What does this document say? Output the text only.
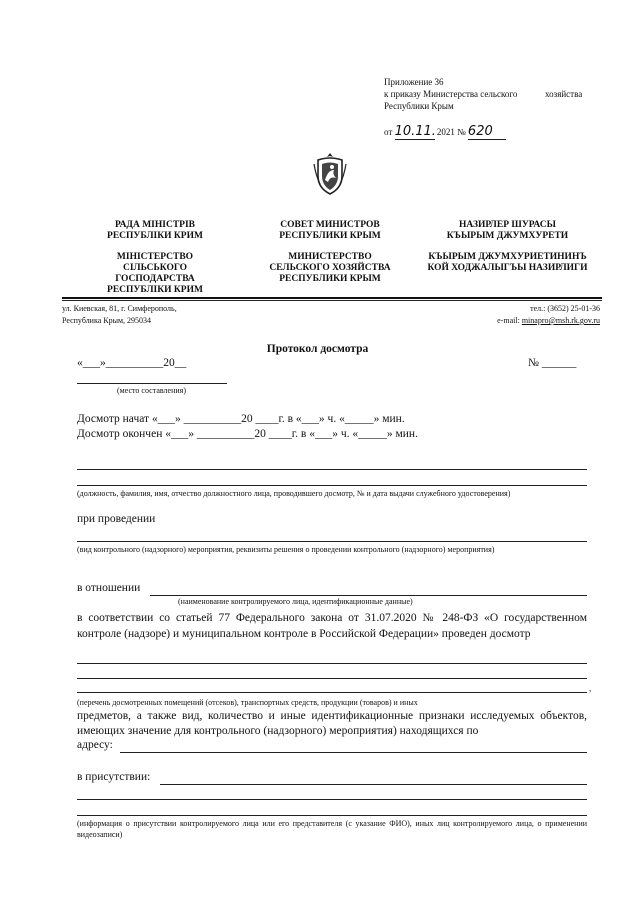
Приложение 36
к приказу Министерства сельского	хозяйства
Республики Крым
от 10.11. 2021 № 620
РАДА МІНІСТРІВ
РЕСПУБЛІКИ КРИМ
СОВЕТ МИНИСТРОВ
РЕСПУБЛИКИ КРЫМ
НАЗИРЛЕР ШУРАСЫ
КЪЫРЫМ ДЖУМХУРЕТИ
МІНІСТЕРСТВО
СІЛЬСЬКОГО
ГОСПОДАРСТВА
РЕСПУБЛІКИ КРИМ
МИНИСТЕРСТВО
СЕЛЬСКОГО ХОЗЯЙСТВА
РЕСПУБЛИКИ КРЫМ
КЪЫРЫМ ДЖУМХУРИЕТИНИНЪ
КОЙ ХОДЖАЛЫГЪЫ НАЗИРЛИГИ
ул. Киевская, 81, г. Симферополь,
Республика Крым, 295034
тел.: (3652) 25-01-36
e-mail: minapro@msh.rk.gov.ru
Протокол досмотра
«___»__________20__	№ ______
(место составления)
Досмотр начат «___» __________20 ____г. в «___» ч. «_____» мин.
Досмотр окончен «___» __________20 ____г. в «___» ч. «_____» мин.
(должность, фамилия, имя, отчество должностного лица, проводившего досмотр, № и дата выдачи служебного удостоверения)
при проведении
(вид контрольного (надзорного) мероприятия, реквизиты решения о проведении контрольного (надзорного) мероприятия)
в отношении
(наименование контролируемого лица, идентификационные данные)
в соответствии со статьей 77 Федерального закона от 31.07.2020 № 248-ФЗ «О государственном контроле (надзоре) и муниципальном контроле в Российской Федерации» проведен досмотр
,
(перечень досмотренных помещений (отсеков), транспортных средств, продукции (товаров) и иных
предметов, а также вид, количество и иные идентификационные признаки исследуемых объектов, имеющих значение для контрольного (надзорного) мероприятия) находящихся по
адресу:
в присутствии:
(информация о присутствии контролируемого лица или его представителя (с указание ФИО), иных лиц контролируемого лица, о применении видеозаписи)
